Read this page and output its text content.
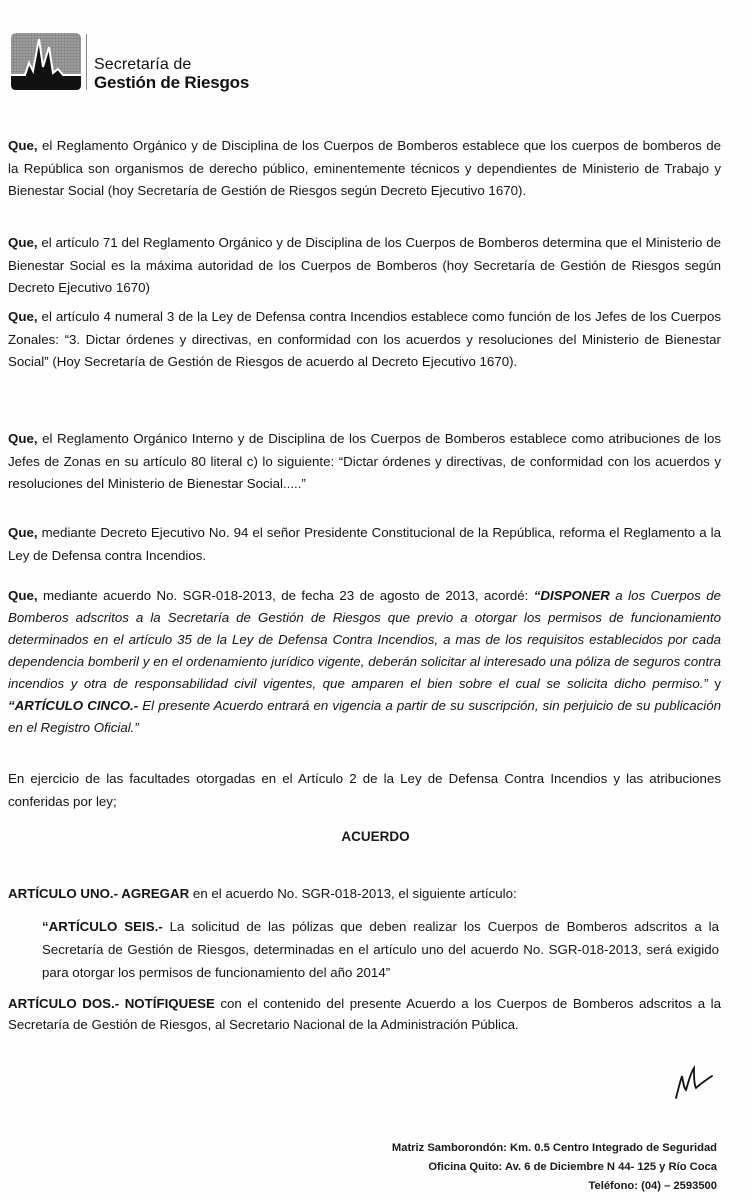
Secretaría de
Gestión de Riesgos
Que, el Reglamento Orgánico y de Disciplina de los Cuerpos de Bomberos establece que los cuerpos de bomberos de la República son organismos de derecho público, eminentemente técnicos y dependientes de Ministerio de Trabajo y Bienestar Social (hoy Secretaría de Gestión de Riesgos según Decreto Ejecutivo 1670).
Que, el artículo 71 del Reglamento Orgánico y de Disciplina de los Cuerpos de Bomberos determina que el Ministerio de Bienestar Social es la máxima autoridad de los Cuerpos de Bomberos (hoy Secretaría de Gestión de Riesgos según Decreto Ejecutivo 1670)
Que, el artículo 4 numeral 3 de la Ley de Defensa contra Incendios establece como función de los Jefes de los Cuerpos Zonales: “3. Dictar órdenes y directivas, en conformidad con los acuerdos y resoluciones del Ministerio de Bienestar Social” (Hoy Secretaría de Gestión de Riesgos de acuerdo al Decreto Ejecutivo 1670).
Que, el Reglamento Orgánico Interno y de Disciplina de los Cuerpos de Bomberos establece como atribuciones de los Jefes de Zonas en su artículo 80 literal c) lo siguiente: “Dictar órdenes y directivas, de conformidad con los acuerdos y resoluciones del Ministerio de Bienestar Social.....”
Que, mediante Decreto Ejecutivo No. 94 el señor Presidente Constitucional de la República, reforma el Reglamento a la Ley de Defensa contra Incendios.
Que, mediante acuerdo No. SGR-018-2013, de fecha 23 de agosto de 2013, acordé: “DISPONER a los Cuerpos de Bomberos adscritos a la Secretaría de Gestión de Riesgos que previo a otorgar los permisos de funcionamiento determinados en el artículo 35 de la Ley de Defensa Contra Incendios, a mas de los requisitos establecidos por cada dependencia bomberil y en el ordenamiento jurídico vigente, deberán solicitar al interesado una póliza de seguros contra incendios y otra de responsabilidad civil vigentes, que amparen el bien sobre el cual se solicita dicho permiso.” y “ARTÍCULO CINCO.- El presente Acuerdo entrará en vigencia a partir de su suscripción, sin perjuicio de su publicación en el Registro Oficial.”
En ejercicio de las facultades otorgadas en el Artículo 2 de la Ley de Defensa Contra Incendios y las atribuciones conferidas por ley;
ACUERDO
ARTÍCULO UNO.- AGREGAR en el acuerdo No. SGR-018-2013, el siguiente artículo:
“ARTÍCULO SEIS.- La solicitud de las pólizas que deben realizar los Cuerpos de Bomberos adscritos a la Secretaría de Gestión de Riesgos, determinadas en el artículo uno del acuerdo No. SGR-018-2013, será exigido para otorgar los permisos de funcionamiento del año 2014”
ARTÍCULO DOS.- NOTÍFIQUESE con el contenido del presente Acuerdo a los Cuerpos de Bomberos adscritos a la Secretaría de Gestión de Riesgos, al Secretario Nacional de la Administración Pública.

Matriz Samborondón: Km. 0.5 Centro Integrado de Seguridad
Oficina Quito: Av. 6 de Diciembre N 44- 125 y Río Coca
Teléfono: (04) – 2593500
